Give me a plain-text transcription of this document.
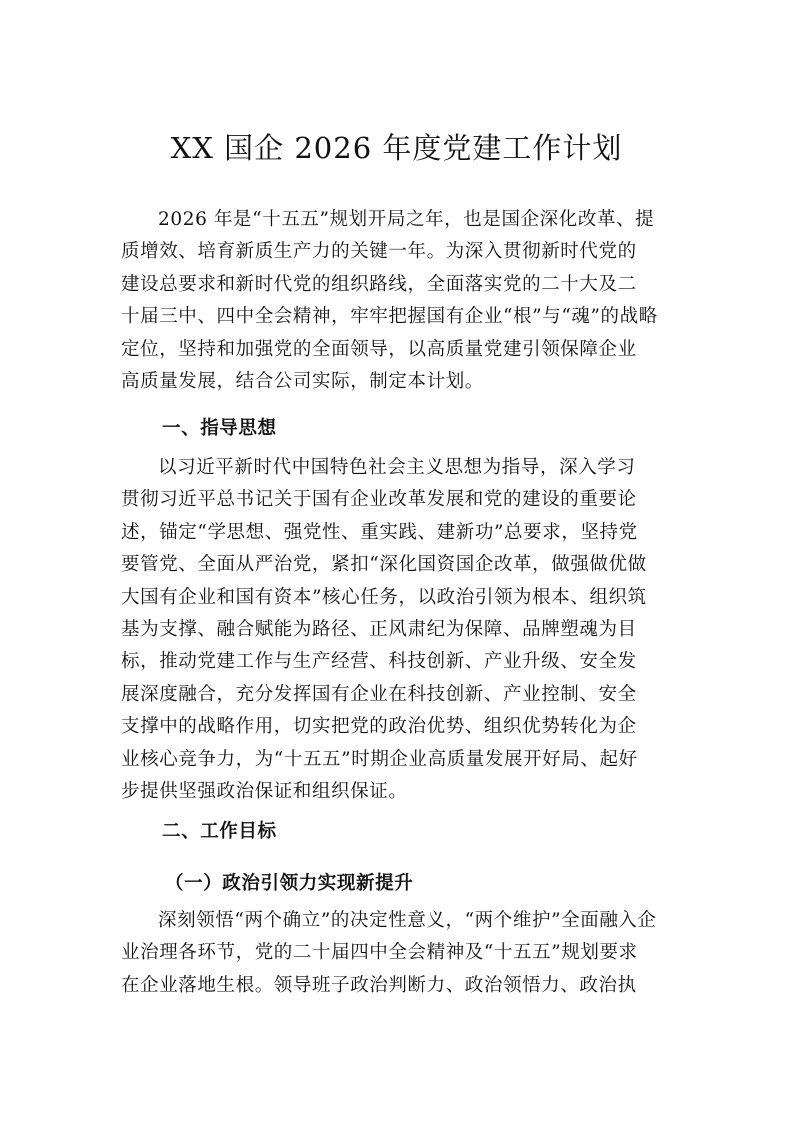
XX 国企 2026 年度党建工作计划
2026 年是“十五五”规划开局之年，也是国企深化改革、提
质增效、培育新质生产力的关键一年。为深入贯彻新时代党的
建设总要求和新时代党的组织路线，全面落实党的二十大及二
十届三中、四中全会精神，牢牢把握国有企业“根”与“魂”的战略
定位，坚持和加强党的全面领导，以高质量党建引领保障企业
高质量发展，结合公司实际，制定本计划。
一、指导思想
以习近平新时代中国特色社会主义思想为指导，深入学习
贯彻习近平总书记关于国有企业改革发展和党的建设的重要论
述，锚定“学思想、强党性、重实践、建新功”总要求，坚持党
要管党、全面从严治党，紧扣“深化国资国企改革，做强做优做
大国有企业和国有资本”核心任务，以政治引领为根本、组织筑
基为支撑、融合赋能为路径、正风肃纪为保障、品牌塑魂为目
标，推动党建工作与生产经营、科技创新、产业升级、安全发
展深度融合，充分发挥国有企业在科技创新、产业控制、安全
支撑中的战略作用，切实把党的政治优势、组织优势转化为企
业核心竞争力，为“十五五”时期企业高质量发展开好局、起好
步提供坚强政治保证和组织保证。
二、工作目标
（一）政治引领力实现新提升
深刻领悟“两个确立”的决定性意义，“两个维护”全面融入企
业治理各环节，党的二十届四中全会精神及“十五五”规划要求
在企业落地生根。领导班子政治判断力、政治领悟力、政治执
